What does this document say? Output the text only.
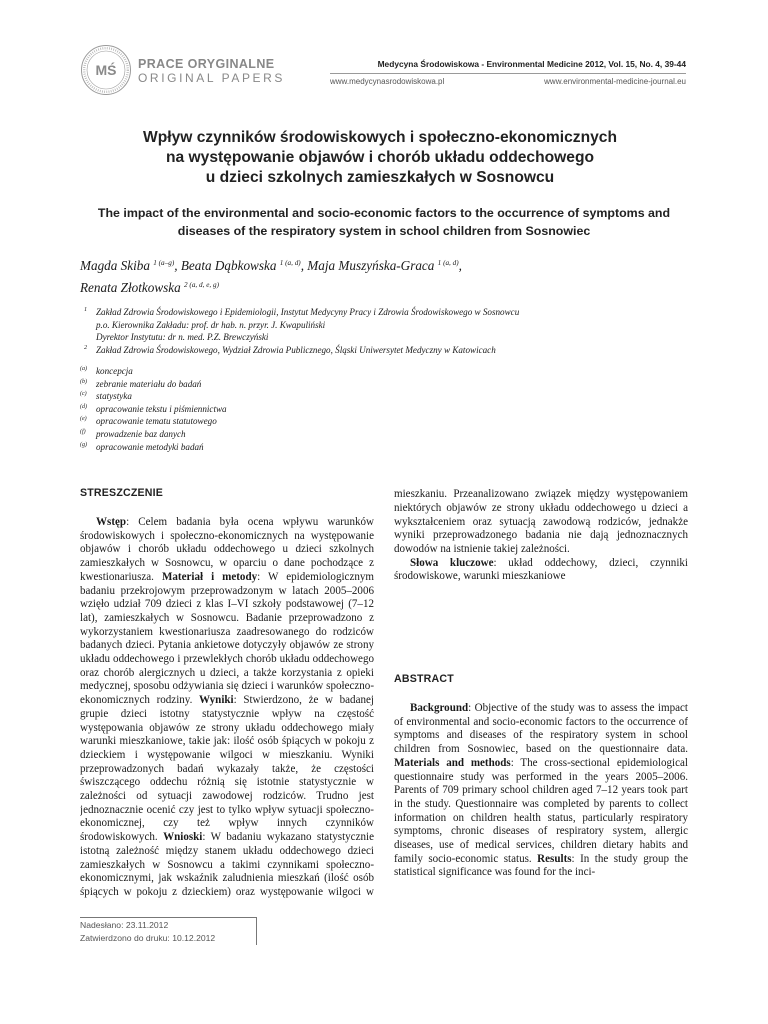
MŚ PRACE ORYGINALNE
ORIGINAL PAPERS
Medycyna Środowiskowa - Environmental Medicine 2012, Vol. 15, No. 4, 39-44
www.medycynasrodowiskowa.pl	www.environmental-medicine-journal.eu
Wpływ czynników środowiskowych i społeczno-ekonomicznych
na występowanie objawów i chorób układu oddechowego
u dzieci szkolnych zamieszkałych w Sosnowcu
The impact of the environmental and socio-economic factors to the occurrence of symptoms and
diseases of the respiratory system in school children from Sosnowiec
Magda Skiba $^{1 (a-g)}$, Beata Dąbkowska $^{1 (a, d)}$, Maja Muszyńska-Graca $^{1 (a, d)}$,
Renata Złotkowska $^{2 (a, d, e, g)}$
1 Zakład Zdrowia Środowiskowego i Epidemiologii, Instytut Medycyny Pracy i Zdrowia Środowiskowego w Sosnowcu
p.o. Kierownika Zakładu: prof. dr hab. n. przyr. J. Kwapuliński
Dyrektor Instytutu: dr n. med. P.Z. Brewczyński
2 Zakład Zdrowia Środowiskowego, Wydział Zdrowia Publicznego, Śląski Uniwersytet Medyczny w Katowicach
(a) koncepcja
(b) zebranie materiału do badań
(c) statystyka
(d) opracowanie tekstu i piśmiennictwa
(e) opracowanie tematu statutowego
(f) prowadzenie baz danych
(g) opracowanie metodyki badań
STRESZCZENIE

Wstęp: Celem badania była ocena wpływu warunków środowiskowych i społeczno-ekonomicznych na występowanie objawów i chorób układu oddechowego u dzieci szkolnych zamieszkałych w Sosnowcu, w oparciu o dane pochodzące z kwestionariusza. Materiał i metody: W epidemiologicznym badaniu przekrojowym przeprowadzonym w latach 2005–2006 wzięło udział 709 dzieci z klas I–VI szkoły podstawowej (7–12 lat), zamieszkałych w Sosnowcu. Badanie przeprowadzono z wykorzystaniem kwestionariusza zaadresowanego do rodziców badanych dzieci. Pytania ankietowe dotyczyły objawów ze strony układu oddechowego i przewlekłych chorób układu oddechowego oraz chorób alergicznych u dzieci, a także korzystania z opieki medycznej, sposobu odżywiania się dzieci i warunków społeczno-ekonomicznych rodziny. Wyniki: Stwierdzono, że w badanej grupie dzieci istotny statystycznie wpływ na częstość występowania objawów ze strony układu oddechowego miały warunki mieszkaniowe, takie jak: ilość osób śpiących w pokoju z dzieckiem i występowanie wilgoci w mieszkaniu. Wyniki przeprowadzonych badań wykazały także, że częstości świszczącego oddechu różnią się istotnie statystycznie w zależności od sytuacji zawodowej rodziców. Trudno jest jednoznacznie ocenić czy jest to tylko wpływ sytuacji społeczno-ekonomicznej, czy też wpływ innych czynników środowiskowych. Wnioski: W badaniu wykazano statystycznie istotną zależność między stanem układu oddechowego dzieci zamieszkałych w Sosnowcu a takimi czynnikami społeczno-ekonomicznymi, jak wskaźnik zaludnienia mieszkań (ilość osób śpiących w pokoju z dzieckiem) oraz występowanie wilgoci w

mieszkaniu. Przeanalizowano związek między występowaniem niektórych objawów ze strony układu oddechowego u dzieci a wykształceniem oraz sytuacją zawodową rodziców, jednakże wyniki przeprowadzonego badania nie dają jednoznacznych dowodów na istnienie takiej zależności.

Słowa kluczowe: układ oddechowy, dzieci, czynniki środowiskowe, warunki mieszkaniowe

ABSTRACT

Background: Objective of the study was to assess the impact of environmental and socio-economic factors to the occurrence of symptoms and diseases of the respiratory system in school children from Sosnowiec, based on the questionnaire data. Materials and methods: The cross-sectional epidemiological questionnaire study was performed in the years 2005–2006. Parents of 709 primary school children aged 7–12 years took part in the study. Questionnaire was completed by parents to collect information on children health status, particularly respiratory symptoms, chronic diseases of respiratory system, allergic diseases, use of medical services, children dietary habits and family socio-economic status. Results: In the study group the statistical significance was found for the inci-

Nadesłano: 23.11.2012
Zatwierdzono do druku: 10.12.2012
